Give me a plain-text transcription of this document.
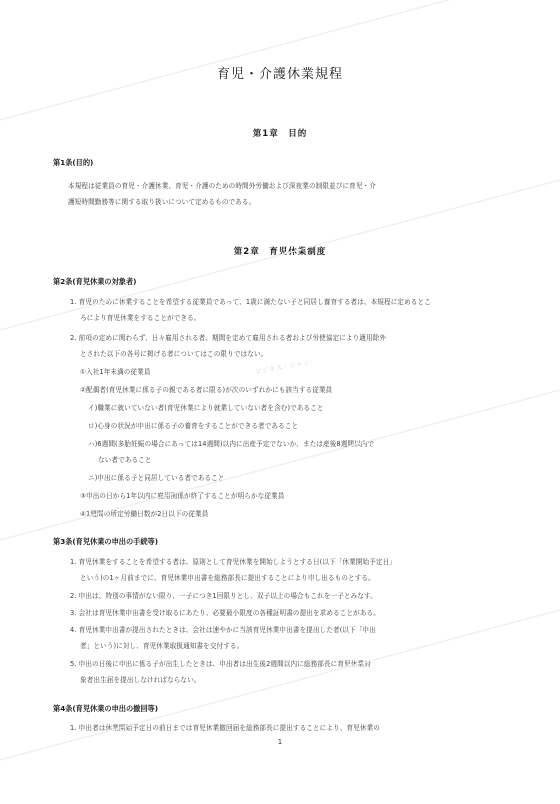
育児・介護休業規程
第1章　目的
第1条(目的)
本規程は従業員の育児・介護休業、育児・介護のための時間外労働および深夜業の制限並びに育児・介
護短時間勤務等に関する取り扱いについて定めるものである。
第2章　育児休業制度
第2条(育児休業の対象者)
1. 育児のために休業することを希望する従業員であって、1歳に満たない子と同居し養育する者は、本規程に定めるとこ
ろにより育児休業をすることができる。
2. 前項の定めに関わらず、日々雇用される者、期間を定めて雇用される者および労使協定により適用除外
とされた以下の各号に掲げる者についてはこの限りではない。
①入社1年未満の従業員
②配偶者(育児休業に係る子の親である者に限る)が次のいずれかにも該当する従業員
イ)職業に就いていない者(育児休業により就業していない者を含む)であること
ロ)心身の状況が申出に係る子の養育をすることができる者であること
ハ)6週間(多胎妊娠の場合にあっては14週間)以内に出産予定でないか、または産後8週間以内で
ない者であること
ニ)申出に係る子と同居している者であること
③申出の日から1年以内に雇用関係が終了することが明らかな従業員
④1週間の所定労働日数が2日以下の従業員
第3条(育児休業の申出の手続等)
1. 育児休業をすることを希望する者は、原則として育児休業を開始しようとする日(以下「休業開始予定日」
という)の1ヶ月前までに、育児休業申出書を総務部長に提出することにより申し出るものとする。
2. 申出は、特別の事情がない限り、一子につき1回限りとし、双子以上の場合もこれを一子とみなす。
3. 会社は育児休業申出書を受け取るにあたり、必要最小限度の各種証明書の提出を求めることがある。
4. 育児休業申出書が提出されたときは、会社は速やかに当該育児休業申出書を提出した者(以下「申出
者」という)に対し、育児休業取扱通知書を交付する。
5. 申出の日後に申出に係る子が出生したときは、申出者は出生後2週間以内に総務部長に育児休業対
象者出生届を提出しなければならない。
第4条(育児休業の申出の撤回等)
1. 申出者は休業開始予定日の前日までは育児休業撤回届を総務部長に提出することにより、育児休業の
1
ビジネス・シャン
